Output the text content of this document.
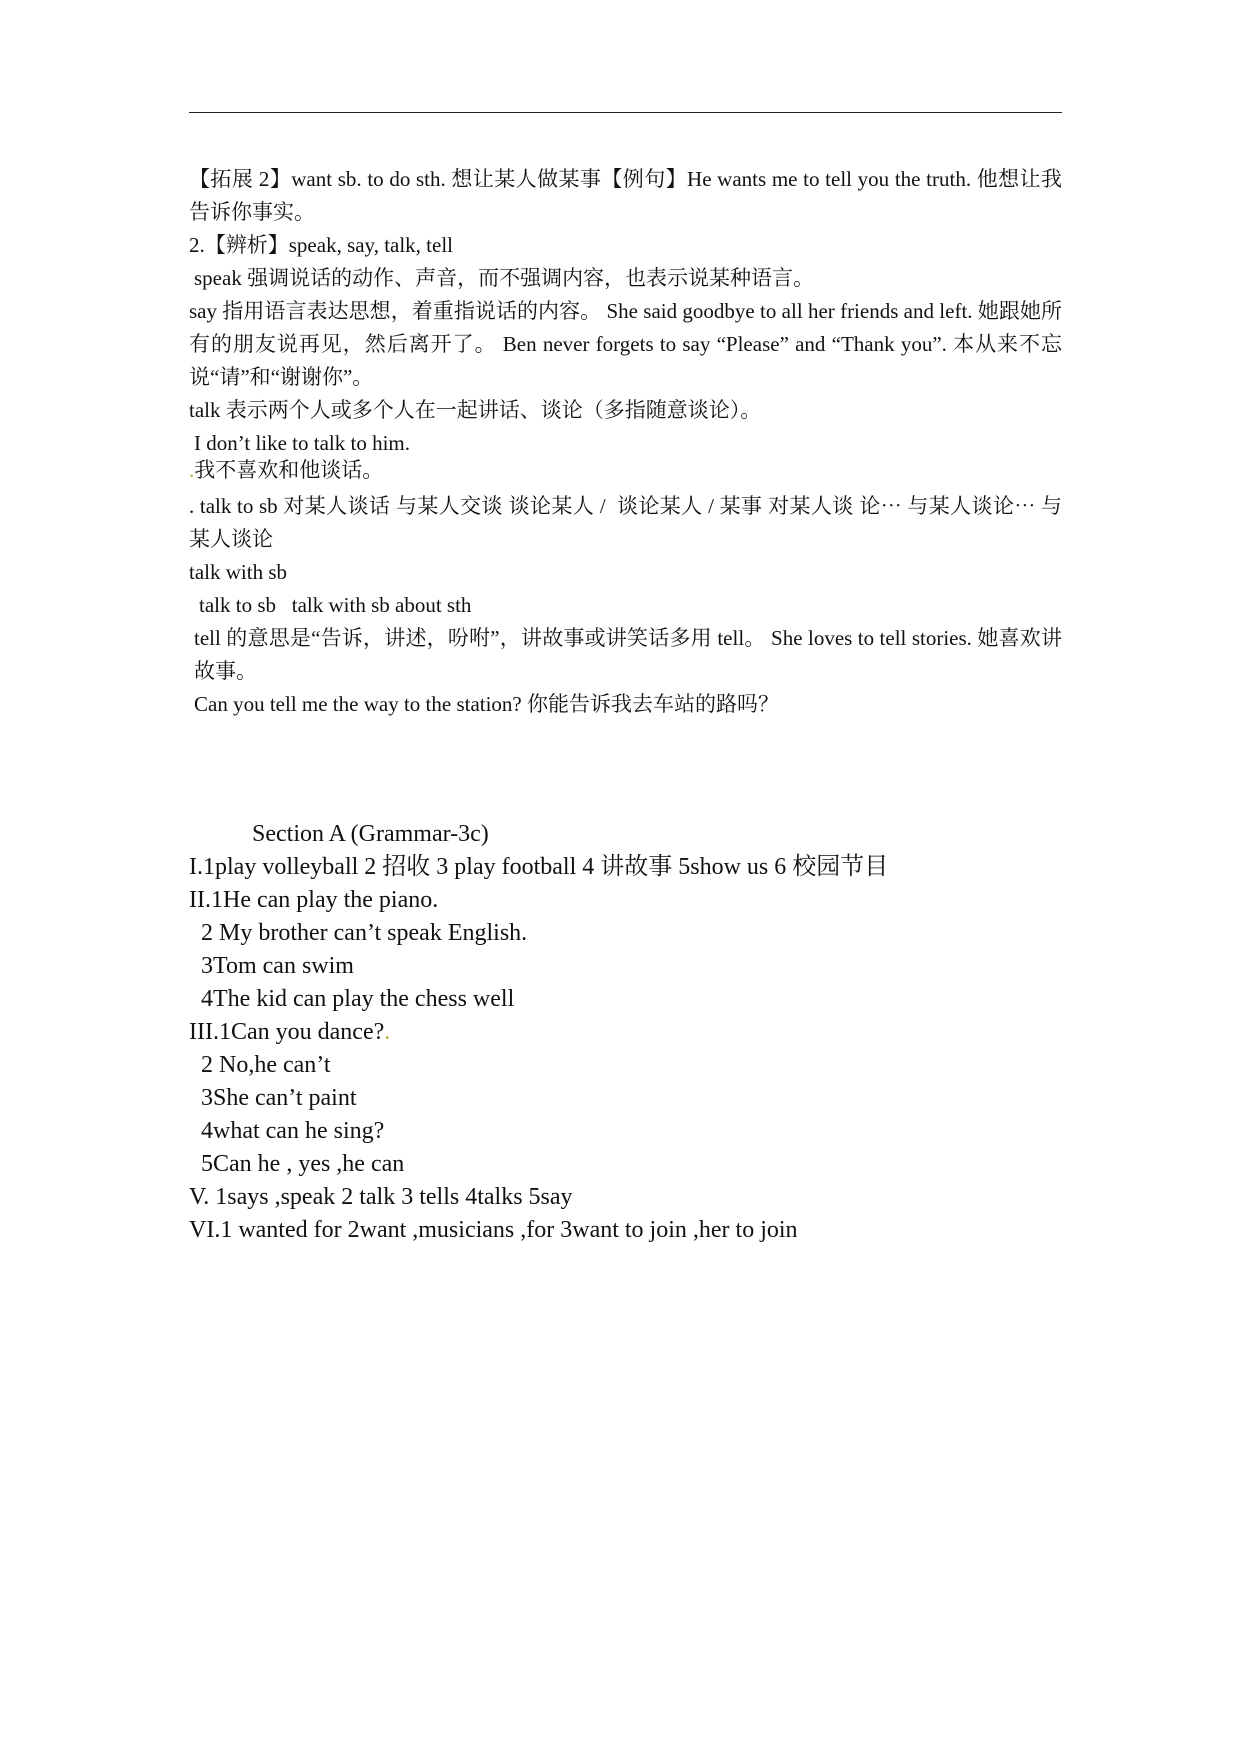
【拓展 2】want sb. to do sth. 想让某人做某事【例句】He wants me to tell you the truth. 他想让我告诉你事实。

2.【辨析】speak, say, talk, tell

speak 强调说话的动作、声音，而不强调内容，也表示说某种语言。

say 指用语言表达思想，着重指说话的内容。 She said goodbye to all her friends and left. 她跟她所有的朋友说再见，然后离开了。 Ben never forgets to say “Please” and “Thank you”. 本从来不忘说“请”和“谢谢你”。

talk 表示两个人或多个人在一起讲话、谈论（多指随意谈论）。

I don’t like to talk to him.

.我不喜欢和他谈话。

. talk to sb 对某人谈话 与某人交谈 谈论某人 /  谈论某人 / 某事 对某人谈 论⋯ 与某人谈论⋯ 与某人谈论

talk with sb

talk to sb   talk with sb about sth

tell 的意思是“告诉，讲述，吩咐”，讲故事或讲笑话多用 tell。 She loves to tell stories. 她喜欢讲故事。

Can you tell me the way to the station? 你能告诉我去车站的路吗？

Section A (Grammar-3c)

I.1play volleyball 2 招收 3 play football 4 讲故事 5show us 6 校园节目

II.1He can play the piano.

2 My brother can’t speak English.

3Tom can swim

4The kid can play the chess well

III.1Can you dance?.

2 No,he can’t

3She can’t paint

4what can he sing?

5Can he , yes ,he can

V. 1says ,speak 2 talk 3 tells 4talks 5say

VI.1 wanted for 2want ,musicians ,for 3want to join ,her to join
